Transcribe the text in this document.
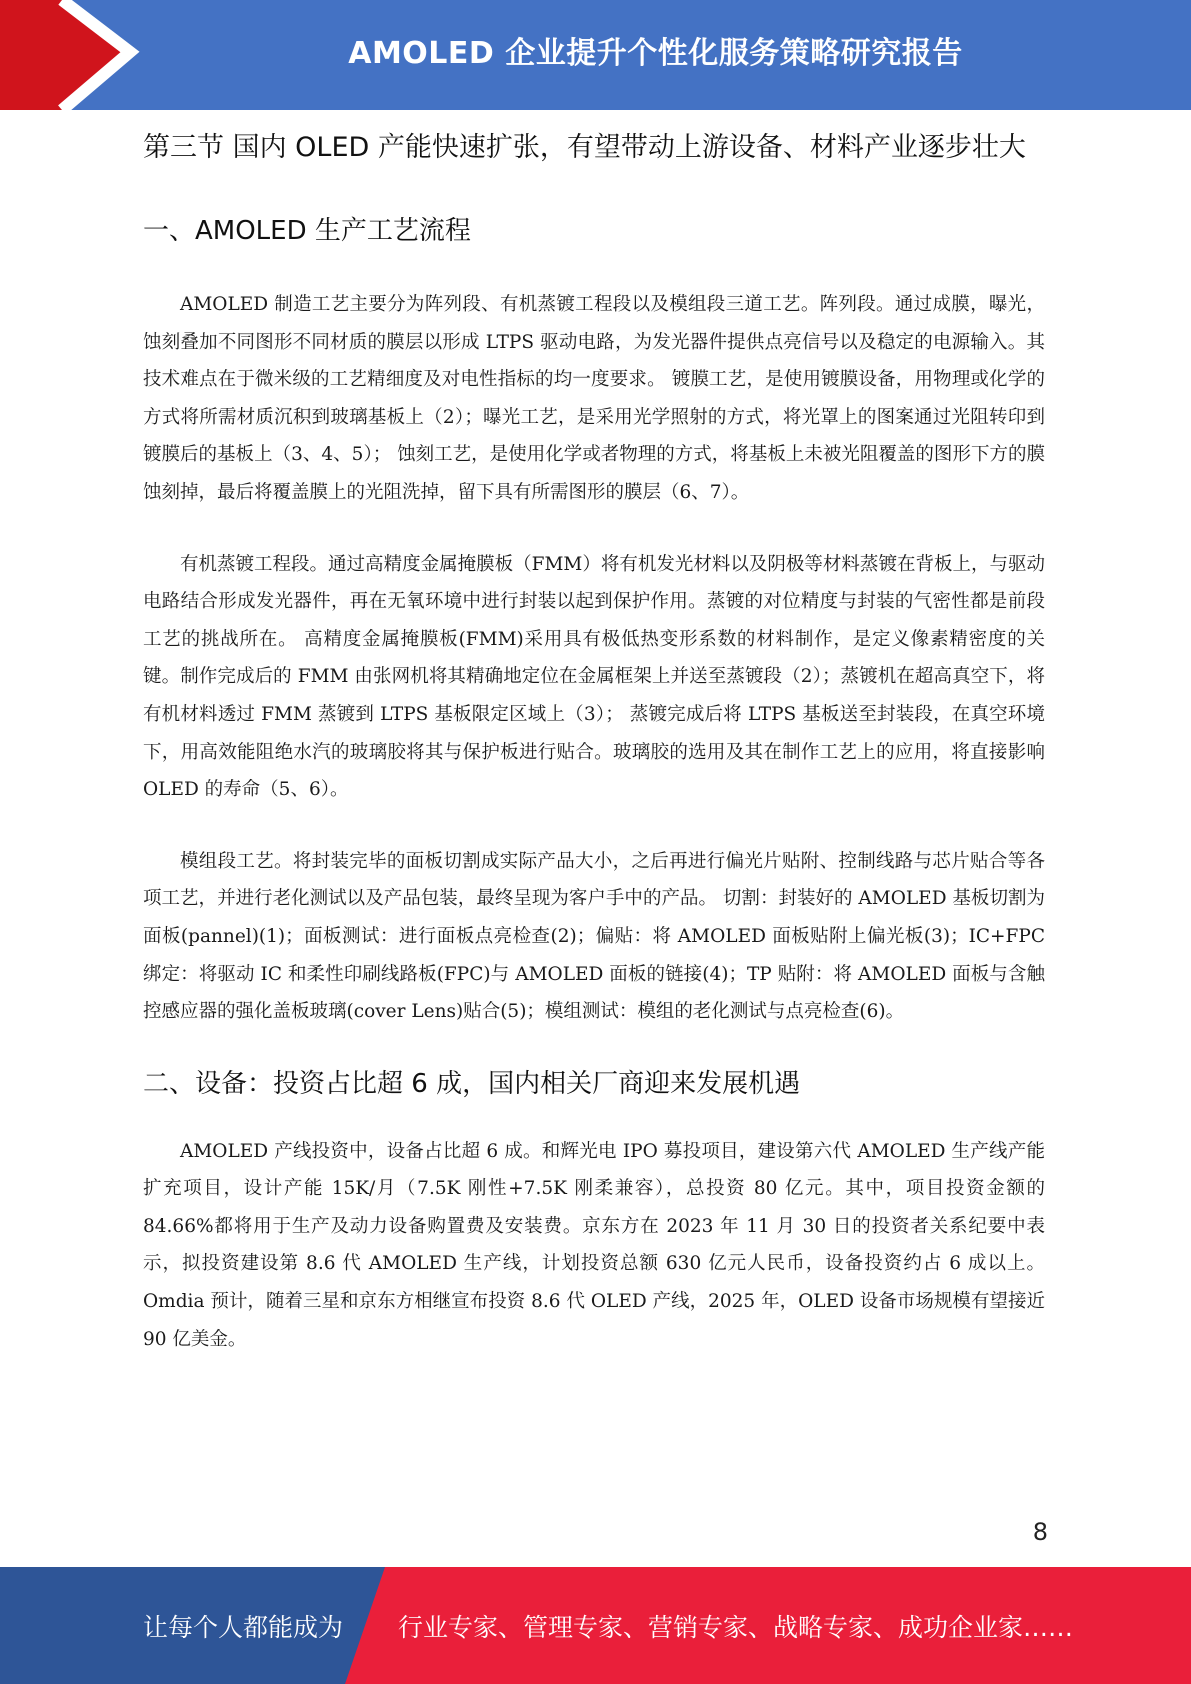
AMOLED 企业提升个性化服务策略研究报告
第三节 国内 OLED 产能快速扩张，有望带动上游设备、材料产业逐步壮大
一、AMOLED 生产工艺流程

AMOLED 制造工艺主要分为阵列段、有机蒸镀工程段以及模组段三道工艺。阵列段。通过成膜，曝光，蚀刻叠加不同图形不同材质的膜层以形成 LTPS 驱动电路，为发光器件提供点亮信号以及稳定的电源输入。其技术难点在于微米级的工艺精细度及对电性指标的均一度要求。 镀膜工艺，是使用镀膜设备，用物理或化学的方式将所需材质沉积到玻璃基板上（2）；曝光工艺，是采用光学照射的方式，将光罩上的图案通过光阻转印到镀膜后的基板上（3、4、5）； 蚀刻工艺，是使用化学或者物理的方式，将基板上未被光阻覆盖的图形下方的膜蚀刻掉，最后将覆盖膜上的光阻洗掉，留下具有所需图形的膜层（6、7）。

有机蒸镀工程段。通过高精度金属掩膜板（FMM）将有机发光材料以及阴极等材料蒸镀在背板上，与驱动电路结合形成发光器件，再在无氧环境中进行封装以起到保护作用。蒸镀的对位精度与封装的气密性都是前段工艺的挑战所在。 高精度金属掩膜板(FMM)采用具有极低热变形系数的材料制作，是定义像素精密度的关键。制作完成后的 FMM 由张网机将其精确地定位在金属框架上并送至蒸镀段（2）；蒸镀机在超高真空下，将有机材料透过 FMM 蒸镀到 LTPS 基板限定区域上（3）； 蒸镀完成后将 LTPS 基板送至封装段，在真空环境下，用高效能阻绝水汽的玻璃胶将其与保护板进行贴合。玻璃胶的选用及其在制作工艺上的应用，将直接影响 OLED 的寿命（5、6）。

模组段工艺。将封装完毕的面板切割成实际产品大小，之后再进行偏光片贴附、控制线路与芯片贴合等各项工艺，并进行老化测试以及产品包装，最终呈现为客户手中的产品。 切割：封装好的 AMOLED 基板切割为面板(pannel)(1)；面板测试：进行面板点亮检查(2)；偏贴：将 AMOLED 面板贴附上偏光板(3)；IC+FPC 绑定：将驱动 IC 和柔性印刷线路板(FPC)与 AMOLED 面板的链接(4)；TP 贴附：将 AMOLED 面板与含触控感应器的强化盖板玻璃(cover Lens)贴合(5)；模组测试：模组的老化测试与点亮检查(6)。

二、设备：投资占比超 6 成，国内相关厂商迎来发展机遇

AMOLED 产线投资中，设备占比超 6 成。和辉光电 IPO 募投项目，建设第六代 AMOLED 生产线产能扩充项目，设计产能 15K/月（7.5K 刚性+7.5K 刚柔兼容），总投资 80 亿元。其中，项目投资金额的 84.66%都将用于生产及动力设备购置费及安装费。京东方在 2023 年 11 月 30 日的投资者关系纪要中表示，拟投资建设第 8.6 代 AMOLED 生产线，计划投资总额 630 亿元人民币，设备投资约占 6 成以上。Omdia 预计，随着三星和京东方相继宣布投资 8.6 代 OLED 产线，2025 年，OLED 设备市场规模有望接近 90 亿美金。

8
让每个人都能成为 行业专家、管理专家、营销专家、战略专家、成功企业家……
